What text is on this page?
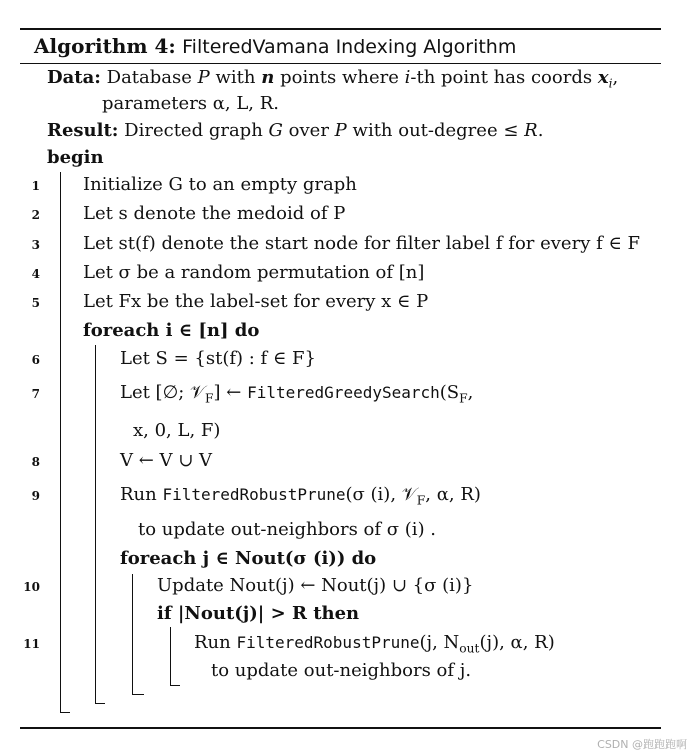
Algorithm 4: FilteredVamana Indexing Algorithm
Data: Database P with n points where i-th point has coords $x_i$,
parameters α, L, R.
Result: Directed graph G over P with out-degree ≤ R.
begin
1
2
3
4
5
6
7
8
9
10
11
Initialize G to an empty graph
Let s denote the medoid of P
Let st(f) denote the start node for filter label f for every f ∈ F
Let σ be a random permutation of [n]
Let Fx be the label-set for every x ∈ P
foreach i ∈ [n] do
Let S = {st(f) : f ∈ F}
Let [∅; 𝒱$_F$] ← $FilteredGreedySearch(S_F$,
x, 0, L, F)
V ← V ∪ V
Run FilteredRobustPrune(σ (i), 𝒱$_F$, α, R)
to update out-neighbors of σ (i) .
foreach j ∈ Nout(σ (i)) do
Update Nout(j) ← Nout(j) ∪ {σ (i)}
if |Nout(j)| > R then
Run FilteredRobustPrune(j, $N_{out}(j)$, α, R)
to update out-neighbors of j.
CSDN @跑跑跑啊
